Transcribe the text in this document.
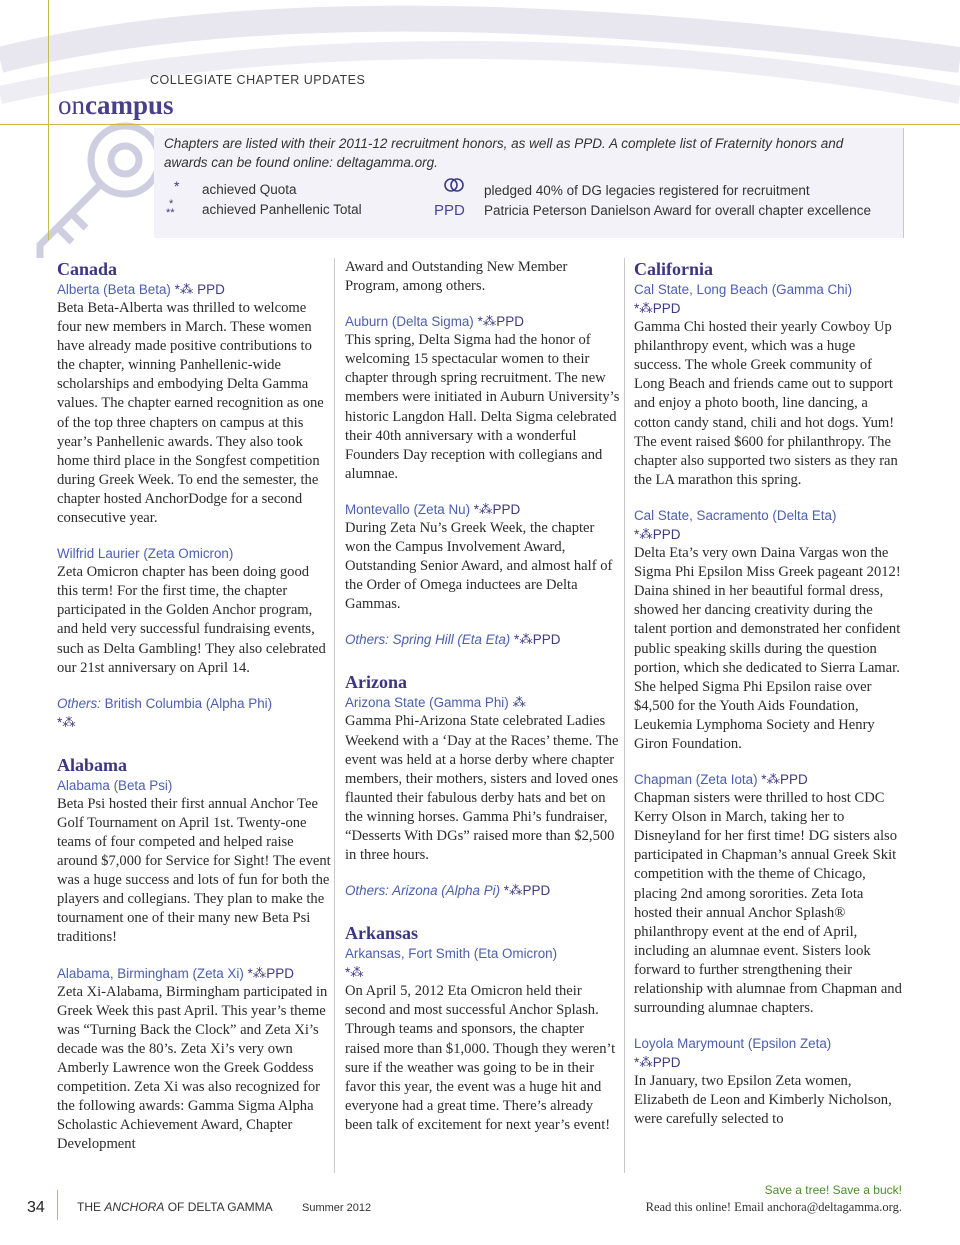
COLLEGIATE CHAPTER UPDATES
oncampus
Chapters are listed with their 2011-12 recruitment honors, as well as PPD. A complete list of Fraternity honors and awards can be found online: deltagamma.org.
* achieved Quota
*
** achieved Panhellenic Total
pledged 40% of DG legacies registered for recruitment
PPD Patricia Peterson Danielson Award for overall chapter excellence
Canada
Alberta (Beta Beta) *⁂ PPD
Beta Beta-Alberta was thrilled to welcome four new members in March. These women have already made positive contributions to the chapter, winning Panhellenic-wide scholarships and embodying Delta Gamma values. The chapter earned recognition as one of the top three chapters on campus at this year’s Panhellenic awards. They also took home third place in the Songfest competition during Greek Week. To end the semester, the chapter hosted AnchorDodge for a second consecutive year.
Wilfrid Laurier (Zeta Omicron)
Zeta Omicron chapter has been doing good this term! For the first time, the chapter participated in the Golden Anchor program, and held very successful fundraising events, such as Delta Gambling! They also celebrated our 21st anniversary on April 14.
Others: British Columbia (Alpha Phi)
*⁂
Alabama
Alabama (Beta Psi)
Beta Psi hosted their first annual Anchor Tee Golf Tournament on April 1st. Twenty-one teams of four competed and helped raise around $7,000 for Service for Sight! The event was a huge success and lots of fun for both the players and collegians. They plan to make the tournament one of their many new Beta Psi traditions!
Alabama, Birmingham (Zeta Xi) *⁂PPD
Zeta Xi-Alabama, Birmingham participated in Greek Week this past April. This year’s theme was “Turning Back the Clock” and Zeta Xi’s decade was the 80’s. Zeta Xi’s very own Amberly Lawrence won the Greek Goddess competition. Zeta Xi was also recognized for the following awards: Gamma Sigma Alpha Scholastic Achievement Award, Chapter Development
Award and Outstanding New Member Program, among others.
Auburn (Delta Sigma) *⁂PPD
This spring, Delta Sigma had the honor of welcoming 15 spectacular women to their chapter through spring recruitment. The new members were initiated in Auburn University’s historic Langdon Hall. Delta Sigma celebrated their 40th anniversary with a wonderful Founders Day reception with collegians and alumnae.
Montevallo (Zeta Nu) *⁂PPD
During Zeta Nu’s Greek Week, the chapter won the Campus Involvement Award, Outstanding Senior Award, and almost half of the Order of Omega inductees are Delta Gammas.
Others: Spring Hill (Eta Eta) *⁂PPD
Arizona
Arizona State (Gamma Phi) ⁂
Gamma Phi-Arizona State celebrated Ladies Weekend with a ‘Day at the Races’ theme. The event was held at a horse derby where chapter members, their mothers, sisters and loved ones flaunted their fabulous derby hats and bet on the winning horses. Gamma Phi’s fundraiser, “Desserts With DGs” raised more than $2,500 in three hours.
Others: Arizona (Alpha Pi) *⁂PPD
Arkansas
Arkansas, Fort Smith (Eta Omicron)
*⁂
On April 5, 2012 Eta Omicron held their second and most successful Anchor Splash. Through teams and sponsors, the chapter raised more than $1,000. Though they weren’t sure if the weather was going to be in their favor this year, the event was a huge hit and everyone had a great time. There’s already been talk of excitement for next year’s event!
California
Cal State, Long Beach (Gamma Chi)
*⁂PPD
Gamma Chi hosted their yearly Cowboy Up philanthropy event, which was a huge success. The whole Greek community of Long Beach and friends came out to support and enjoy a photo booth, line dancing, a cotton candy stand, chili and hot dogs. Yum! The event raised $600 for philanthropy. The chapter also supported two sisters as they ran the LA marathon this spring.
Cal State, Sacramento (Delta Eta)
*⁂PPD
Delta Eta’s very own Daina Vargas won the Sigma Phi Epsilon Miss Greek pageant 2012! Daina shined in her beautiful formal dress, showed her dancing creativity during the talent portion and demonstrated her confident public speaking skills during the question portion, which she dedicated to Sierra Lamar. She helped Sigma Phi Epsilon raise over $4,500 for the Youth Aids Foundation, Leukemia Lymphoma Society and Henry Giron Foundation.
Chapman (Zeta Iota) *⁂PPD
Chapman sisters were thrilled to host CDC Kerry Olson in March, taking her to Disneyland for her first time! DG sisters also participated in Chapman’s annual Greek Skit competition with the theme of Chicago, placing 2nd among sororities. Zeta Iota hosted their annual Anchor Splash® philanthropy event at the end of April, including an alumnae event. Sisters look forward to further strengthening their relationship with alumnae from Chapman and surrounding alumnae chapters.
Loyola Marymount (Epsilon Zeta)
*⁂PPD
In January, two Epsilon Zeta women, Elizabeth de Leon and Kimberly Nicholson, were carefully selected to
34	THE ANCHORA OF DELTA GAMMA	Summer 2012
Save a tree! Save a buck!
Read this online! Email anchora@deltagamma.org.
